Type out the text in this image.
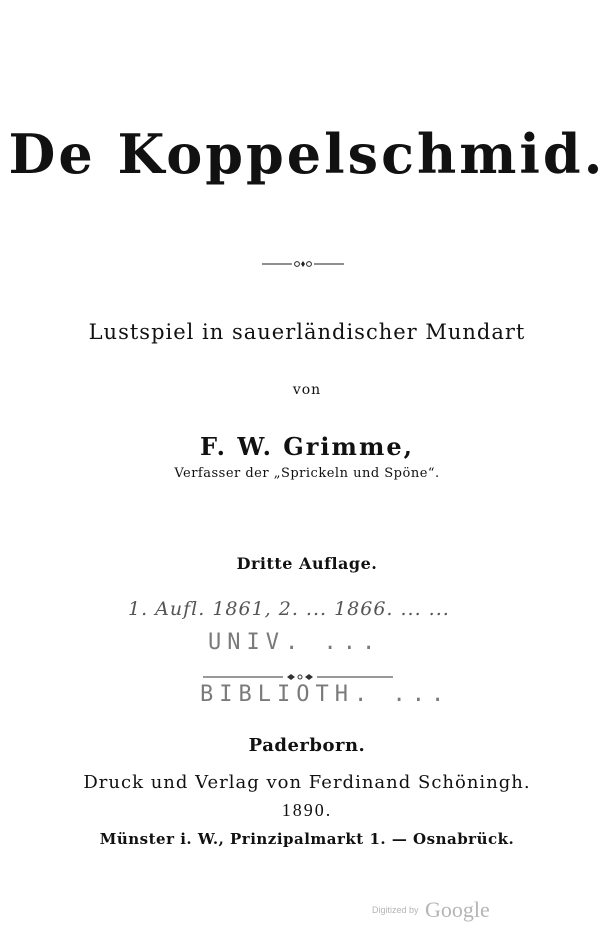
De Koppelschmid.
Lustspiel in sauerländischer Mundart
von
F. W. Grimme,
Verfasser der „Sprickeln und Spöne“.
Dritte Auflage.
1. Aufl. 1861, 2. ... 1866. ... ...
UNIV. ...
BIBLIOTH. ...
Paderborn.
Druck und Verlag von Ferdinand Schöningh.
1890.
Münster i. W., Prinzipalmarkt 1. — Osnabrück.
Digitized by Google
